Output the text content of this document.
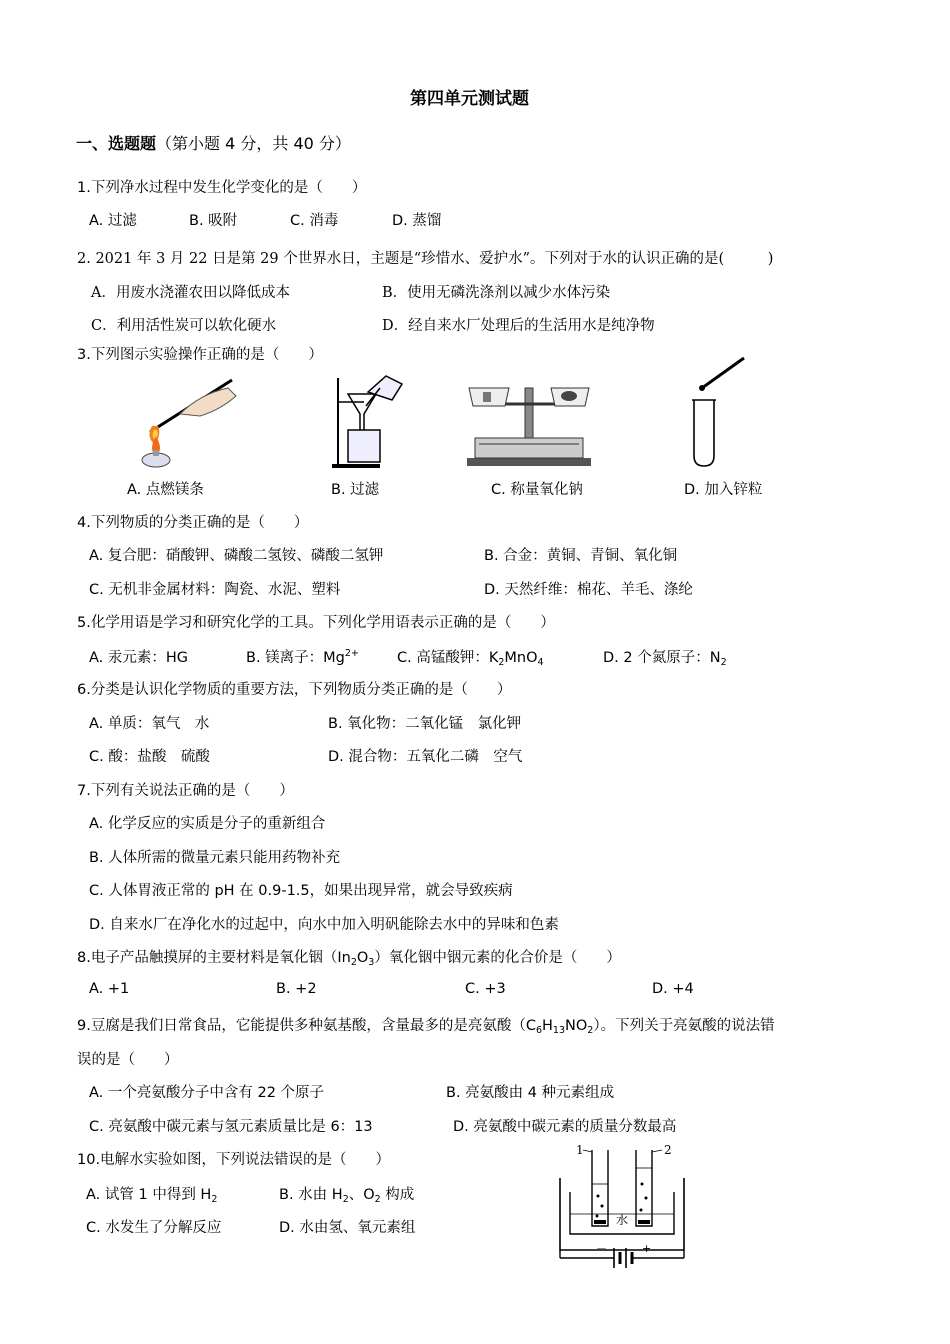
第四单元测试题
一、选题题（第小题 4 分，共 40 分）
1.下列净水过程中发生化学变化的是（　　）
A. 过滤	B. 吸附	C. 消毒	D. 蒸馏
2. 2021 年 3 月 22 日是第 29 个世界水日，主题是“珍惜水、爱护水”。下列对于水的认识正确的是(　　　)
A．用废水浇灌农田以降低成本	B．使用无磷洗涤剂以减少水体污染
C．利用活性炭可以软化硬水	D．经自来水厂处理后的生活用水是纯净物
3.下列图示实验操作正确的是（　　）
A. 点燃镁条	B. 过滤	C. 称量氧化钠	D. 加入锌粒
4.下列物质的分类正确的是（　　）
A. 复合肥：硝酸钾、磷酸二氢铵、磷酸二氢钾	B. 合金：黄铜、青铜、氧化铜
C. 无机非金属材料：陶瓷、水泥、塑料	D. 天然纤维：棉花、羊毛、涤纶
5.化学用语是学习和研究化学的工具。下列化学用语表示正确的是（　　）
A. 汞元素：HG	B. 镁离子：$Mg^{2+}$	C. 高锰酸钾：$K_2MnO_4$	D. 2 个氮原子：$N_2$
6.分类是认识化学物质的重要方法，下列物质分类正确的是（　　）
A. 单质：氧气　水	B. 氧化物：二氧化锰　氯化钾
C. 酸：盐酸　硫酸	D. 混合物：五氧化二磷　空气
7.下列有关说法正确的是（　　）
A. 化学反应的实质是分子的重新组合
B. 人体所需的微量元素只能用药物补充
C. 人体胃液正常的 pH 在 0.9-1.5，如果出现异常，就会导致疾病
D. 自来水厂在净化水的过起中，向水中加入明矾能除去水中的异味和色素
8.电子产品触摸屏的主要材料是氧化铟$(In_2O_3)$氧化铟中铟元素的化合价是（　　）
A. +1	B. +2	C. +3	D. +4
9.豆腐是我们日常食品，它能提供多种氨基酸，含量最多的是亮氨酸$(C_6H_{13}NO_2)$。下列关于亮氨酸的说法错
误的是（　　）
A. 一个亮氨酸分子中含有 22 个原子	B. 亮氨酸由 4 种元素组成
C. 亮氨酸中碳元素与氢元素质量比是 6：13	D. 亮氨酸中碳元素的质量分数最高
10.电解水实验如图，下列说法错误的是（　　）
A. 试管 1 中得到 $H_2$	B. 水由 $H_2$、$O_2$ 构成
C. 水发生了分解反应	D. 水由氢、氧元素组
1	2
水
－	+
